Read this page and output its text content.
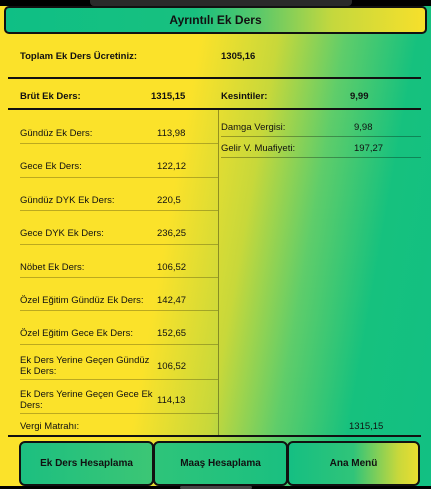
Ayrıntılı Ek Ders
Toplam Ek Ders Ücretiniz:	1305,16
Brüt Ek Ders:	1315,15	Kesintiler:	9,99
Gündüz Ek Ders:	113,98
Gece Ek Ders:	122,12
Gündüz DYK Ek Ders:	220,5
Gece DYK Ek Ders:	236,25
Nöbet Ek Ders:	106,52
Özel Eğitim Gündüz Ek Ders: 142,47
Özel Eğitim Gece Ek Ders:	152,65
Ek Ders Yerine Geçen Gündüz Ek Ders:	106,52
Ek Ders Yerine Geçen Gece Ek Ders:	114,13
Damga Vergisi:	9,98
Gelir V. Muafiyeti:	197,27
Vergi Matrahı:	1315,15
Ek Ders Hesaplama	Maaş Hesaplama	Ana Menü
